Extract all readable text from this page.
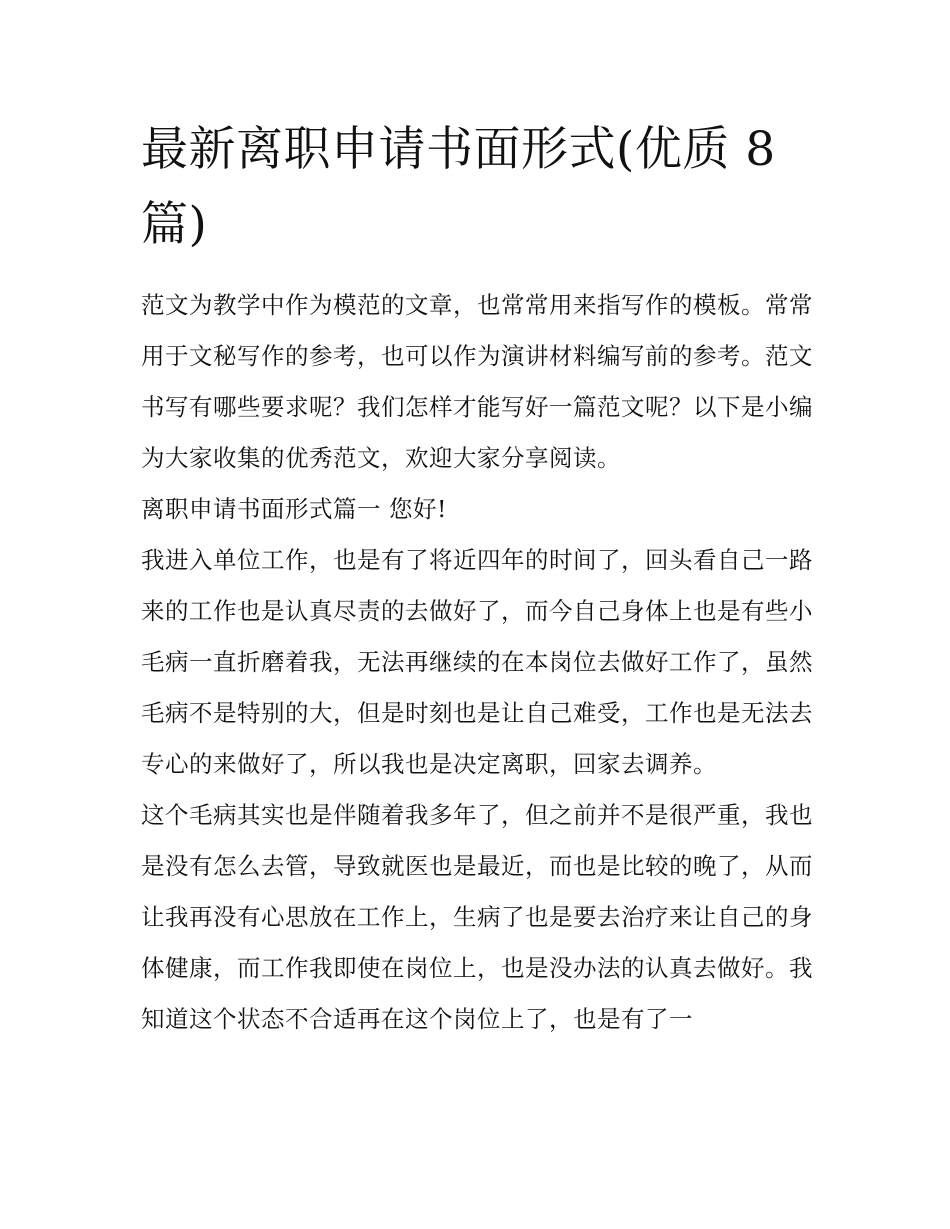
最新离职申请书面形式(优质 8篇)

范文为教学中作为模范的文章，也常常用来指写作的模板。常常用于文秘写作的参考，也可以作为演讲材料编写前的参考。范文书写有哪些要求呢？我们怎样才能写好一篇范文呢？以下是小编为大家收集的优秀范文，欢迎大家分享阅读。

离职申请书面形式篇一 您好!

我进入单位工作，也是有了将近四年的时间了，回头看自己一路来的工作也是认真尽责的去做好了，而今自己身体上也是有些小毛病一直折磨着我，无法再继续的在本岗位去做好工作了，虽然毛病不是特别的大，但是时刻也是让自己难受，工作也是无法去专心的来做好了，所以我也是决定离职，回家去调养。

这个毛病其实也是伴随着我多年了，但之前并不是很严重，我也是没有怎么去管，导致就医也是最近，而也是比较的晚了，从而让我再没有心思放在工作上，生病了也是要去治疗来让自己的身体健康，而工作我即使在岗位上，也是没办法的认真去做好。我知道这个状态不合适再在这个岗位上了，也是有了一
